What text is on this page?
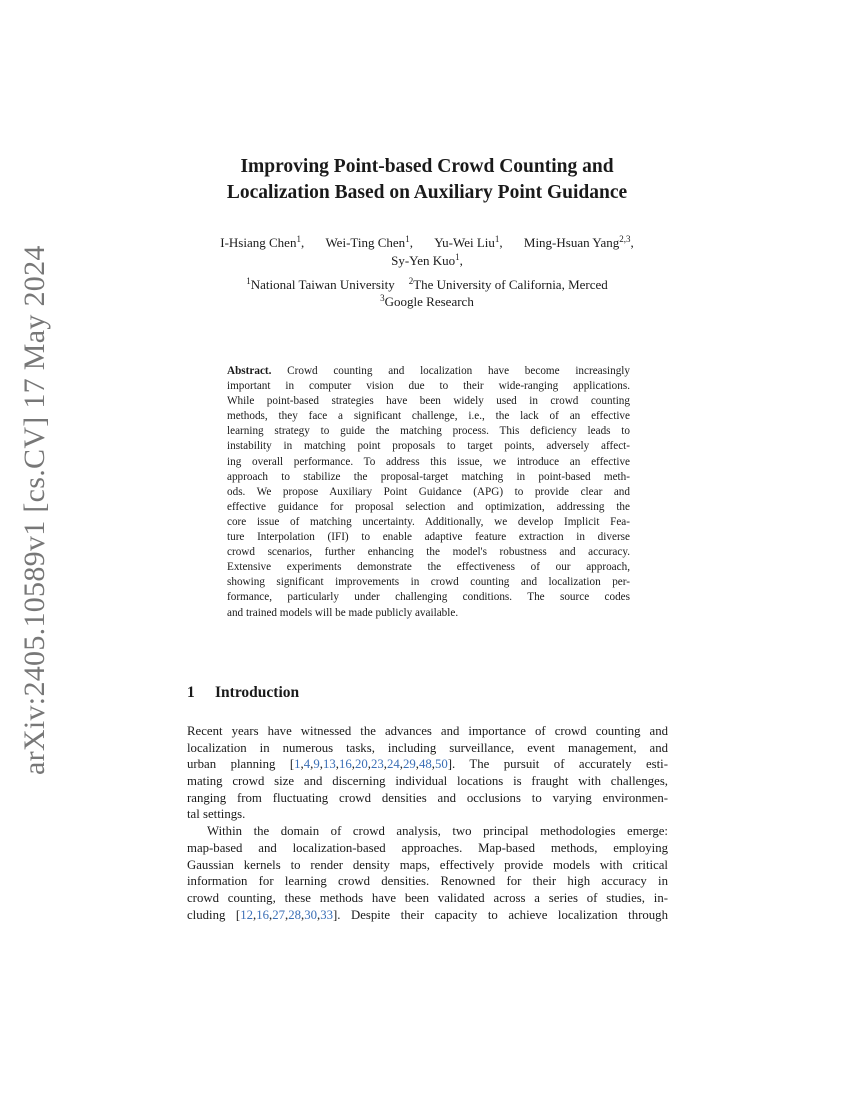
arXiv:2405.10589v1 [cs.CV] 17 May 2024
Improving Point-based Crowd Counting and
Localization Based on Auxiliary Point Guidance
I-Hsiang Chen$^1$, Wei-Ting Chen$^1$, Yu-Wei Liu$^1$, Ming-Hsuan Yang$^{2,3}$,
Sy-Yen Kuo$^1$,
$^1$National Taiwan University $^2$The University of California, Merced
$^3$Google Research
Abstract. Crowd counting and localization have become increasingly
important in computer vision due to their wide-ranging applications.
While point-based strategies have been widely used in crowd counting
methods, they face a significant challenge, i.e., the lack of an effective
learning strategy to guide the matching process. This deficiency leads to
instability in matching point proposals to target points, adversely affect-
ing overall performance. To address this issue, we introduce an effective
approach to stabilize the proposal-target matching in point-based meth-
ods. We propose Auxiliary Point Guidance (APG) to provide clear and
effective guidance for proposal selection and optimization, addressing the
core issue of matching uncertainty. Additionally, we develop Implicit Fea-
ture Interpolation (IFI) to enable adaptive feature extraction in diverse
crowd scenarios, further enhancing the model's robustness and accuracy.
Extensive experiments demonstrate the effectiveness of our approach,
showing significant improvements in crowd counting and localization per-
formance, particularly under challenging conditions. The source codes
and trained models will be made publicly available.
1 Introduction
Recent years have witnessed the advances and importance of crowd counting and
localization in numerous tasks, including surveillance, event management, and
urban planning [1,4,9,13,16,20,23,24,29,48,50]. The pursuit of accurately esti-
mating crowd size and discerning individual locations is fraught with challenges,
ranging from fluctuating crowd densities and occlusions to varying environmen-
tal settings.
Within the domain of crowd analysis, two principal methodologies emerge:
map-based and localization-based approaches. Map-based methods, employing
Gaussian kernels to render density maps, effectively provide models with critical
information for learning crowd densities. Renowned for their high accuracy in
crowd counting, these methods have been validated across a series of studies, in-
cluding [12,16,27,28,30,33]. Despite their capacity to achieve localization through
